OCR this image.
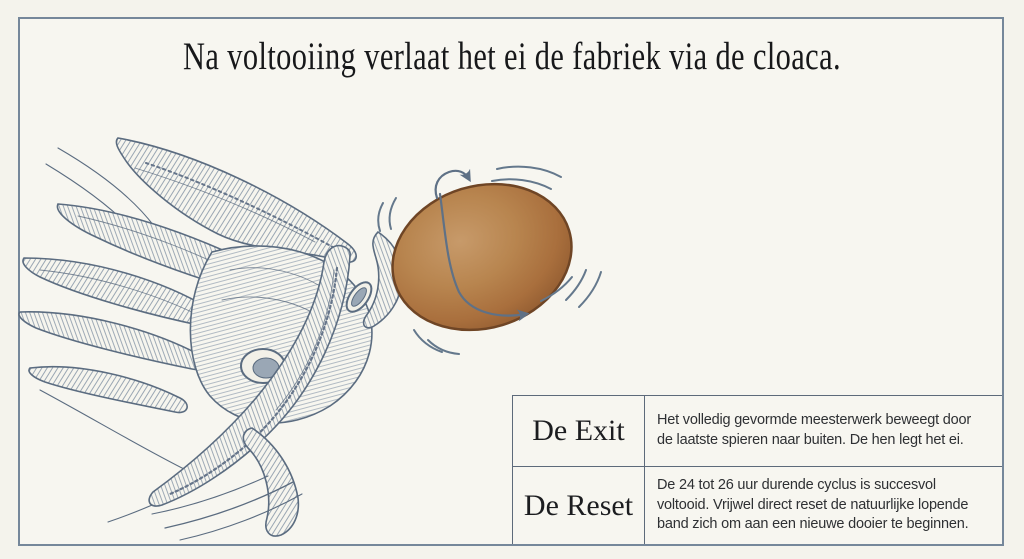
Na voltooiing verlaat het ei de fabriek via de cloaca.
De Exit	Het volledig gevormde meesterwerk beweegt door de laatste spieren naar buiten. De hen legt het ei.
De Reset
De 24 tot 26 uur durende cyclus is succesvol voltooid. Vrijwel direct reset de natuurlijke lopende band zich om aan een nieuwe dooier te beginnen.
